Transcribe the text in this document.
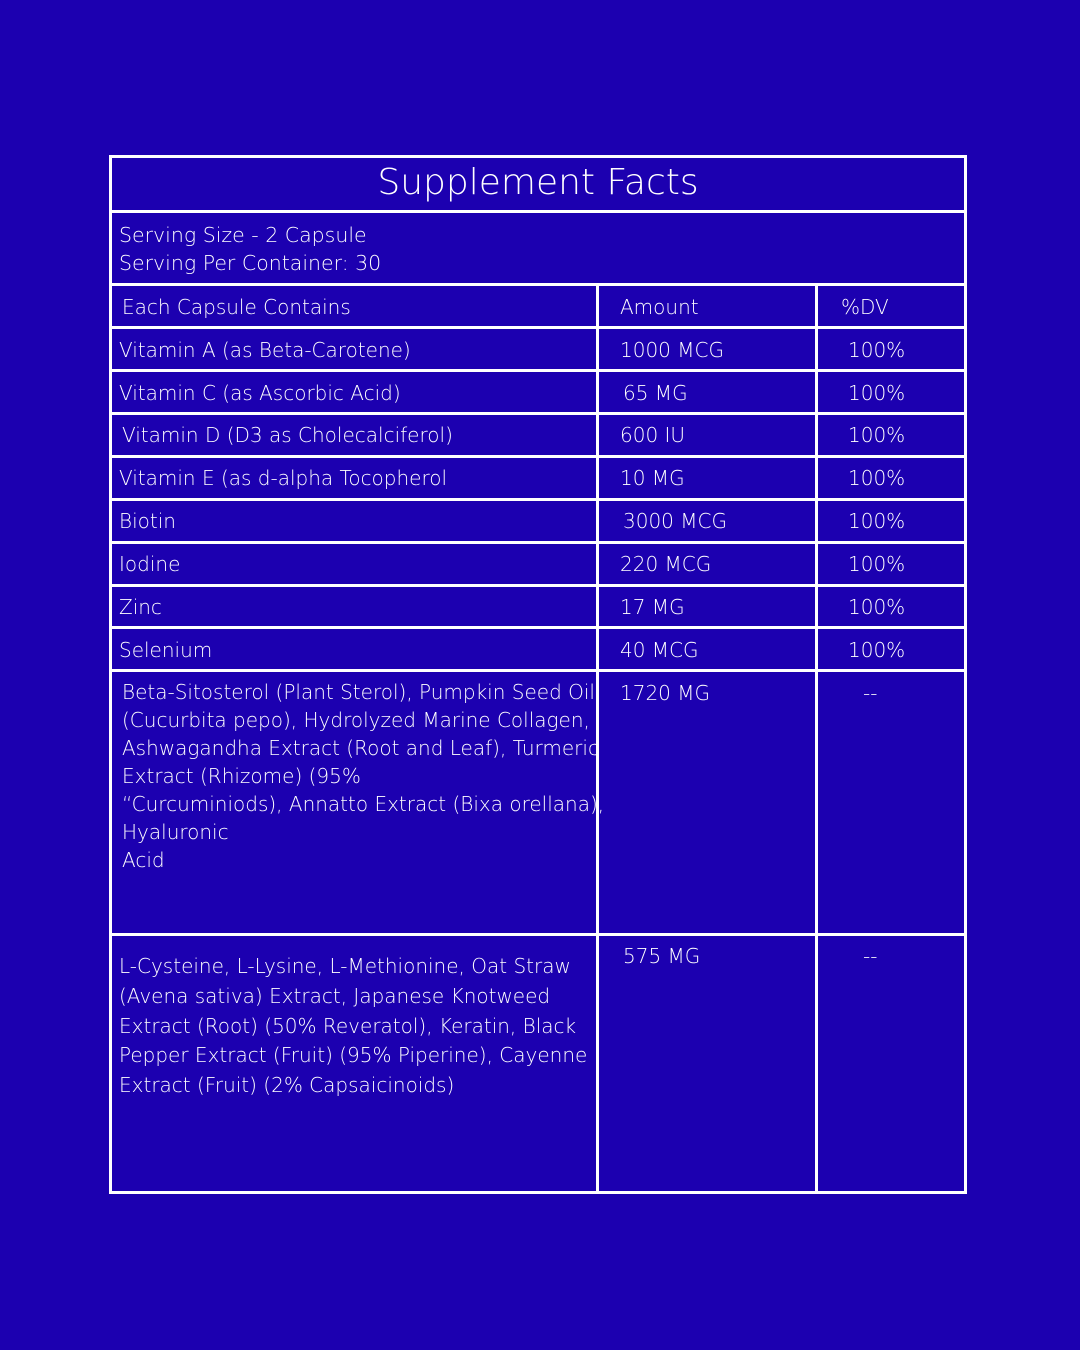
Supplement Facts
Serving Size - 2 Capsule
Serving Per Container: 30
Each Capsule Contains	Amount	%DV
Vitamin A (as Beta-Carotene)	1000 MCG	100%
Vitamin C (as Ascorbic Acid)	65 MG	100%
Vitamin D (D3 as Cholecalciferol)	600 IU	100%
Vitamin E (as d-alpha Tocopherol	10 MG	100%
Biotin	3000 MCG	100%
Iodine	220 MCG	100%
Zinc	17 MG	100%
Selenium	40 MCG	100%
Beta-Sitosterol (Plant Sterol), Pumpkin Seed Oil
(Cucurbita pepo), Hydrolyzed Marine Collagen,
Ashwagandha Extract (Root and Leaf), Turmeric
Extract (Rhizome) (95%
“Curcuminiods), Annatto Extract (Bixa orellana),
Hyaluronic
Acid
1720 MG	--
L-Cysteine, L-Lysine, L-Methionine, Oat Straw
(Avena sativa) Extract, Japanese Knotweed
Extract (Root) (50% Reveratol), Keratin, Black
Pepper Extract (Fruit) (95% Piperine), Cayenne
Extract (Fruit) (2% Capsaicinoids)
575 MG	--
